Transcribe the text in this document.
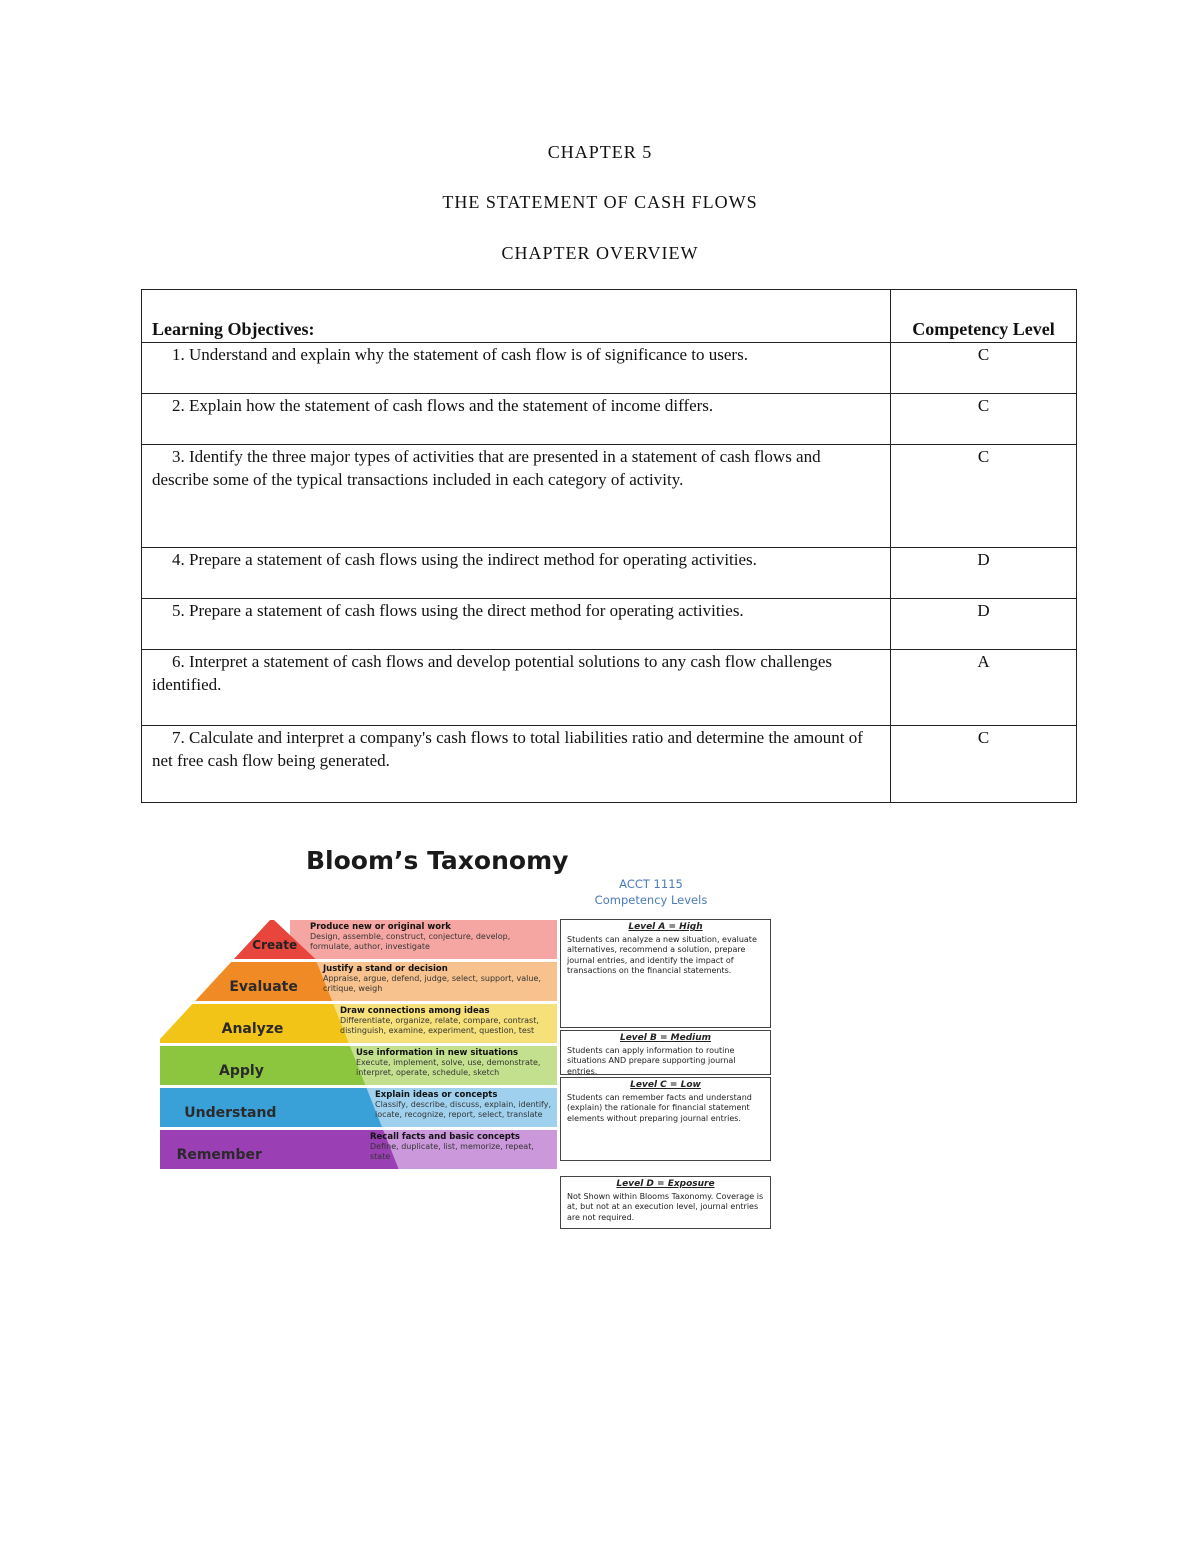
CHAPTER 5
THE STATEMENT OF CASH FLOWS
CHAPTER OVERVIEW
Learning Objectives:	Competency Level

1. Understand and explain why the statement of cash flow is of significance to users.	C

2. Explain how the statement of cash flows and the statement of income differs.	C

3. Identify the three major types of activities that are presented in a statement of cash flows and describe some of the typical transactions included in each category of activity.	C

4. Prepare a statement of cash flows using the indirect method for operating activities.	D

5. Prepare a statement of cash flows using the direct method for operating activities.	D

6. Interpret a statement of cash flows and develop potential solutions to any cash flow challenges identified.	A

7. Calculate and interpret a company's cash flows to total liabilities ratio and determine the amount of net free cash flow being generated.	C
Bloom’s Taxonomy
ACCT 1115
Competency Levels
Create
Evaluate
Analyze
Apply
Understand
Remember
Produce new or original work
Design, assemble, construct, conjecture, develop, formulate, author, investigate
Justify a stand or decision
Appraise, argue, defend, judge, select, support, value, critique, weigh
Draw connections among ideas
Differentiate, organize, relate, compare, contrast, distinguish, examine, experiment, question, test
Use information in new situations
Execute, implement, solve, use, demonstrate, interpret, operate, schedule, sketch
Explain ideas or concepts
Classify, describe, discuss, explain, identify, locate, recognize, report, select, translate
Recall facts and basic concepts
Define, duplicate, list, memorize, repeat, state
Level A = High
Students can analyze a new situation, evaluate alternatives, recommend a solution, prepare journal entries, and identify the impact of transactions on the financial statements.
Level B = Medium
Students can apply information to routine situations AND prepare supporting journal entries.
Level C = Low
Students can remember facts and understand (explain) the rationale for financial statement elements without preparing journal entries.
Level D = Exposure
Not Shown within Blooms Taxonomy. Coverage is at, but not at an execution level, journal entries are not required.
